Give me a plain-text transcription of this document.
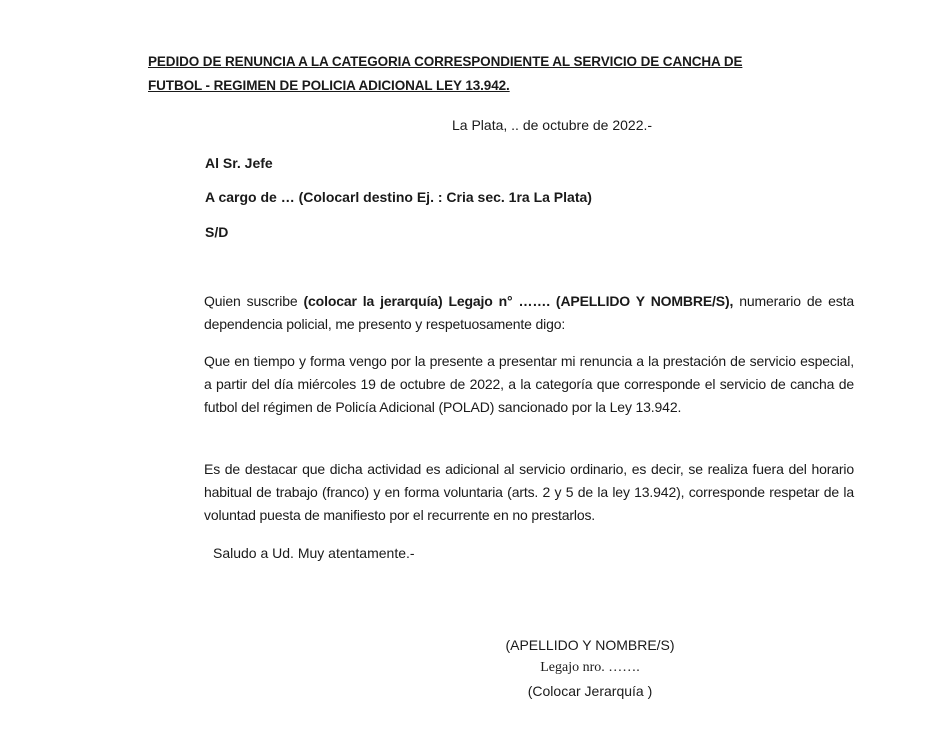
PEDIDO DE RENUNCIA A LA CATEGORIA CORRESPONDIENTE AL SERVICIO DE CANCHA DE
FUTBOL - REGIMEN DE POLICIA ADICIONAL LEY 13.942.
La Plata, .. de octubre de 2022.-
Al Sr. Jefe
A cargo de … (Colocarl destino Ej. : Cria sec. 1ra La Plata)
S/D
Quien suscribe (colocar la jerarquía) Legajo n° ……. (APELLIDO Y NOMBRE/S), numerario de esta dependencia policial, me presento y respetuosamente digo:
Que en tiempo y forma vengo por la presente a presentar mi renuncia a la prestación de servicio especial, a partir del día miércoles 19 de octubre de 2022, a la categoría que corresponde el servicio de cancha de futbol del régimen de Policía Adicional (POLAD) sancionado por la Ley 13.942.
Es de destacar que dicha actividad es adicional al servicio ordinario, es decir, se realiza fuera del horario habitual de trabajo (franco) y en forma voluntaria (arts. 2 y 5 de la ley 13.942), corresponde respetar de la voluntad puesta de manifiesto por el recurrente en no prestarlos.
Saludo a Ud. Muy atentamente.-
(APELLIDO Y NOMBRE/S)
Legajo nro. …….
(Colocar Jerarquía )
